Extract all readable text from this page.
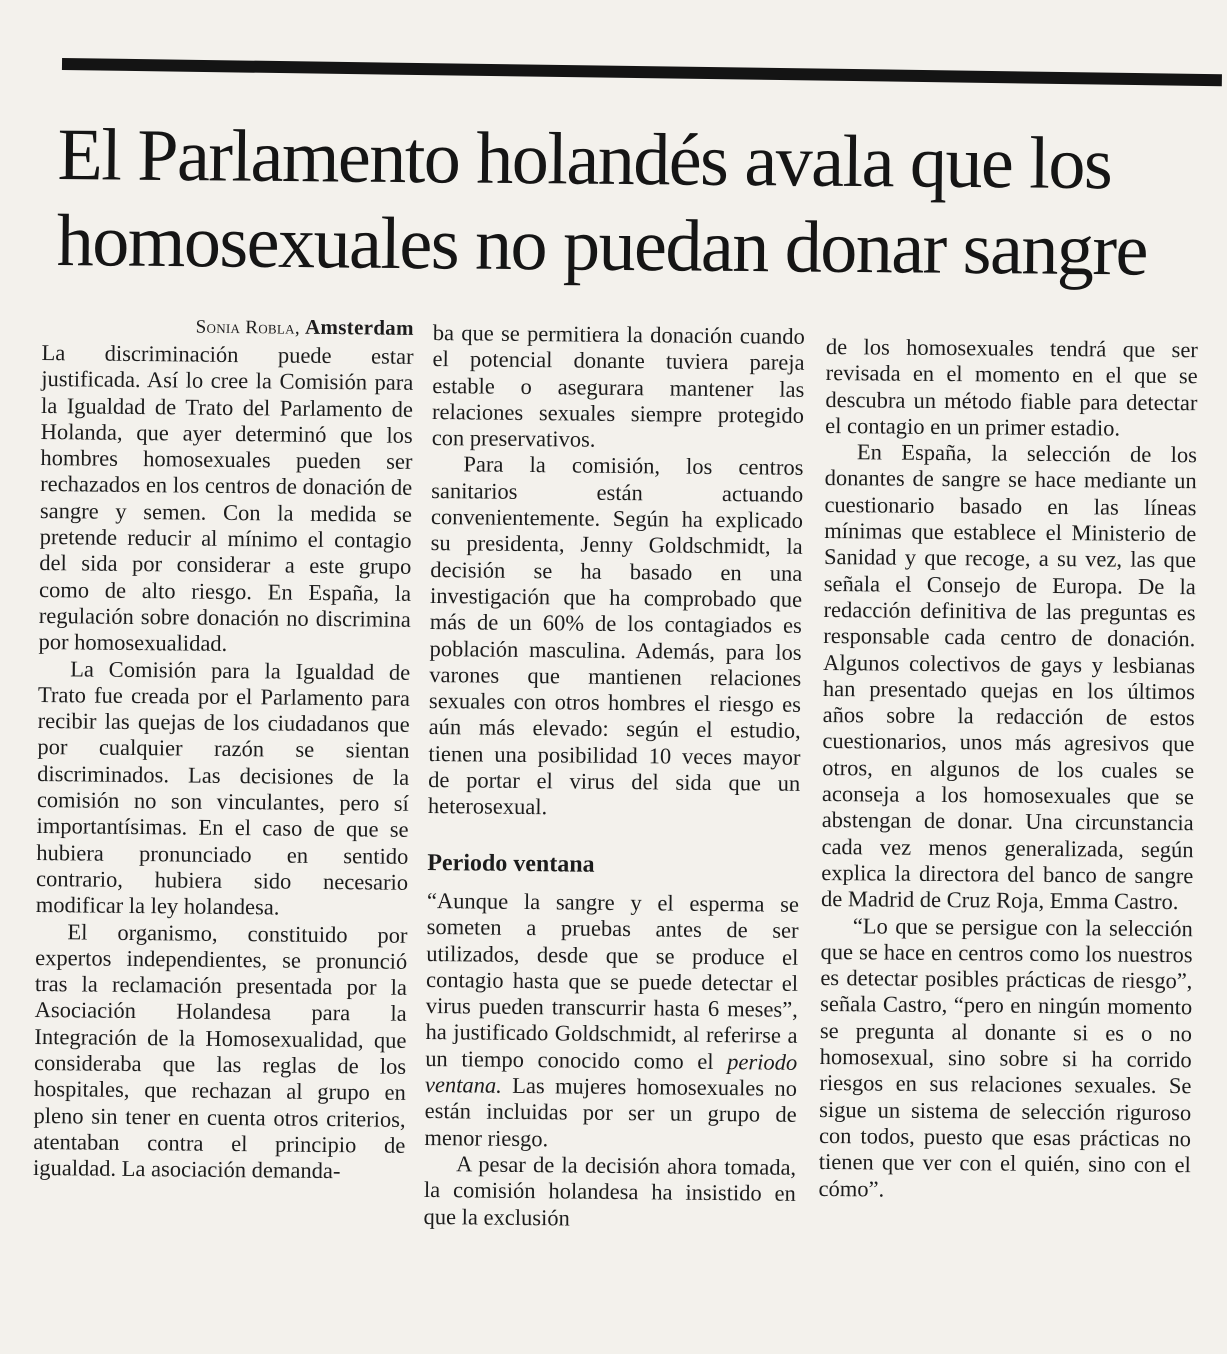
El Parlamento holandés avala que los
homosexuales no puedan donar sangre
Sonia Robla, Amsterdam

La discriminación puede estar justificada. Así lo cree la Comisión para la Igualdad de Trato del Parlamento de Holanda, que ayer determinó que los hombres homosexuales pueden ser rechazados en los centros de donación de sangre y semen. Con la medida se pretende reducir al mínimo el contagio del sida por considerar a este grupo como de alto riesgo. En España, la regulación sobre donación no discrimina por homosexualidad.

La Comisión para la Igualdad de Trato fue creada por el Parlamento para recibir las quejas de los ciudadanos que por cualquier razón se sientan discriminados. Las decisiones de la comisión no son vinculantes, pero sí importantísimas. En el caso de que se hubiera pronunciado en sentido contrario, hubiera sido necesario modificar la ley holandesa.

El organismo, constituido por expertos independientes, se pronunció tras la reclamación presentada por la Asociación Holandesa para la Integración de la Homosexualidad, que consideraba que las reglas de los hospitales, que rechazan al grupo en pleno sin tener en cuenta otros criterios, atentaban contra el principio de igualdad. La asociación demanda-

ba que se permitiera la donación cuando el potencial donante tuviera pareja estable o asegurara mantener las relaciones sexuales siempre protegido con preservativos.

Para la comisión, los centros sanitarios están actuando convenientemente. Según ha explicado su presidenta, Jenny Goldschmidt, la decisión se ha basado en una investigación que ha comprobado que más de un 60% de los contagiados es población masculina. Además, para los varones que mantienen relaciones sexuales con otros hombres el riesgo es aún más elevado: según el estudio, tienen una posibilidad 10 veces mayor de portar el virus del sida que un heterosexual.

Periodo ventana

“Aunque la sangre y el esperma se someten a pruebas antes de ser utilizados, desde que se produce el contagio hasta que se puede detectar el virus pueden transcurrir hasta 6 meses”, ha justificado Goldschmidt, al referirse a un tiempo conocido como el periodo ventana. Las mujeres homosexuales no están incluidas por ser un grupo de menor riesgo.

A pesar de la decisión ahora tomada, la comisión holandesa ha insistido en que la exclusión

de los homosexuales tendrá que ser revisada en el momento en el que se descubra un método fiable para detectar el contagio en un primer estadio.

En España, la selección de los donantes de sangre se hace mediante un cuestionario basado en las líneas mínimas que establece el Ministerio de Sanidad y que recoge, a su vez, las que señala el Consejo de Europa. De la redacción definitiva de las preguntas es responsable cada centro de donación. Algunos colectivos de gays y lesbianas han presentado quejas en los últimos años sobre la redacción de estos cuestionarios, unos más agresivos que otros, en algunos de los cuales se aconseja a los homosexuales que se abstengan de donar. Una circunstancia cada vez menos generalizada, según explica la directora del banco de sangre de Madrid de Cruz Roja, Emma Castro.

“Lo que se persigue con la selección que se hace en centros como los nuestros es detectar posibles prácticas de riesgo”, señala Castro, “pero en ningún momento se pregunta al donante si es o no homosexual, sino sobre si ha corrido riesgos en sus relaciones sexuales. Se sigue un sistema de selección riguroso con todos, puesto que esas prácticas no tienen que ver con el quién, sino con el cómo”.
